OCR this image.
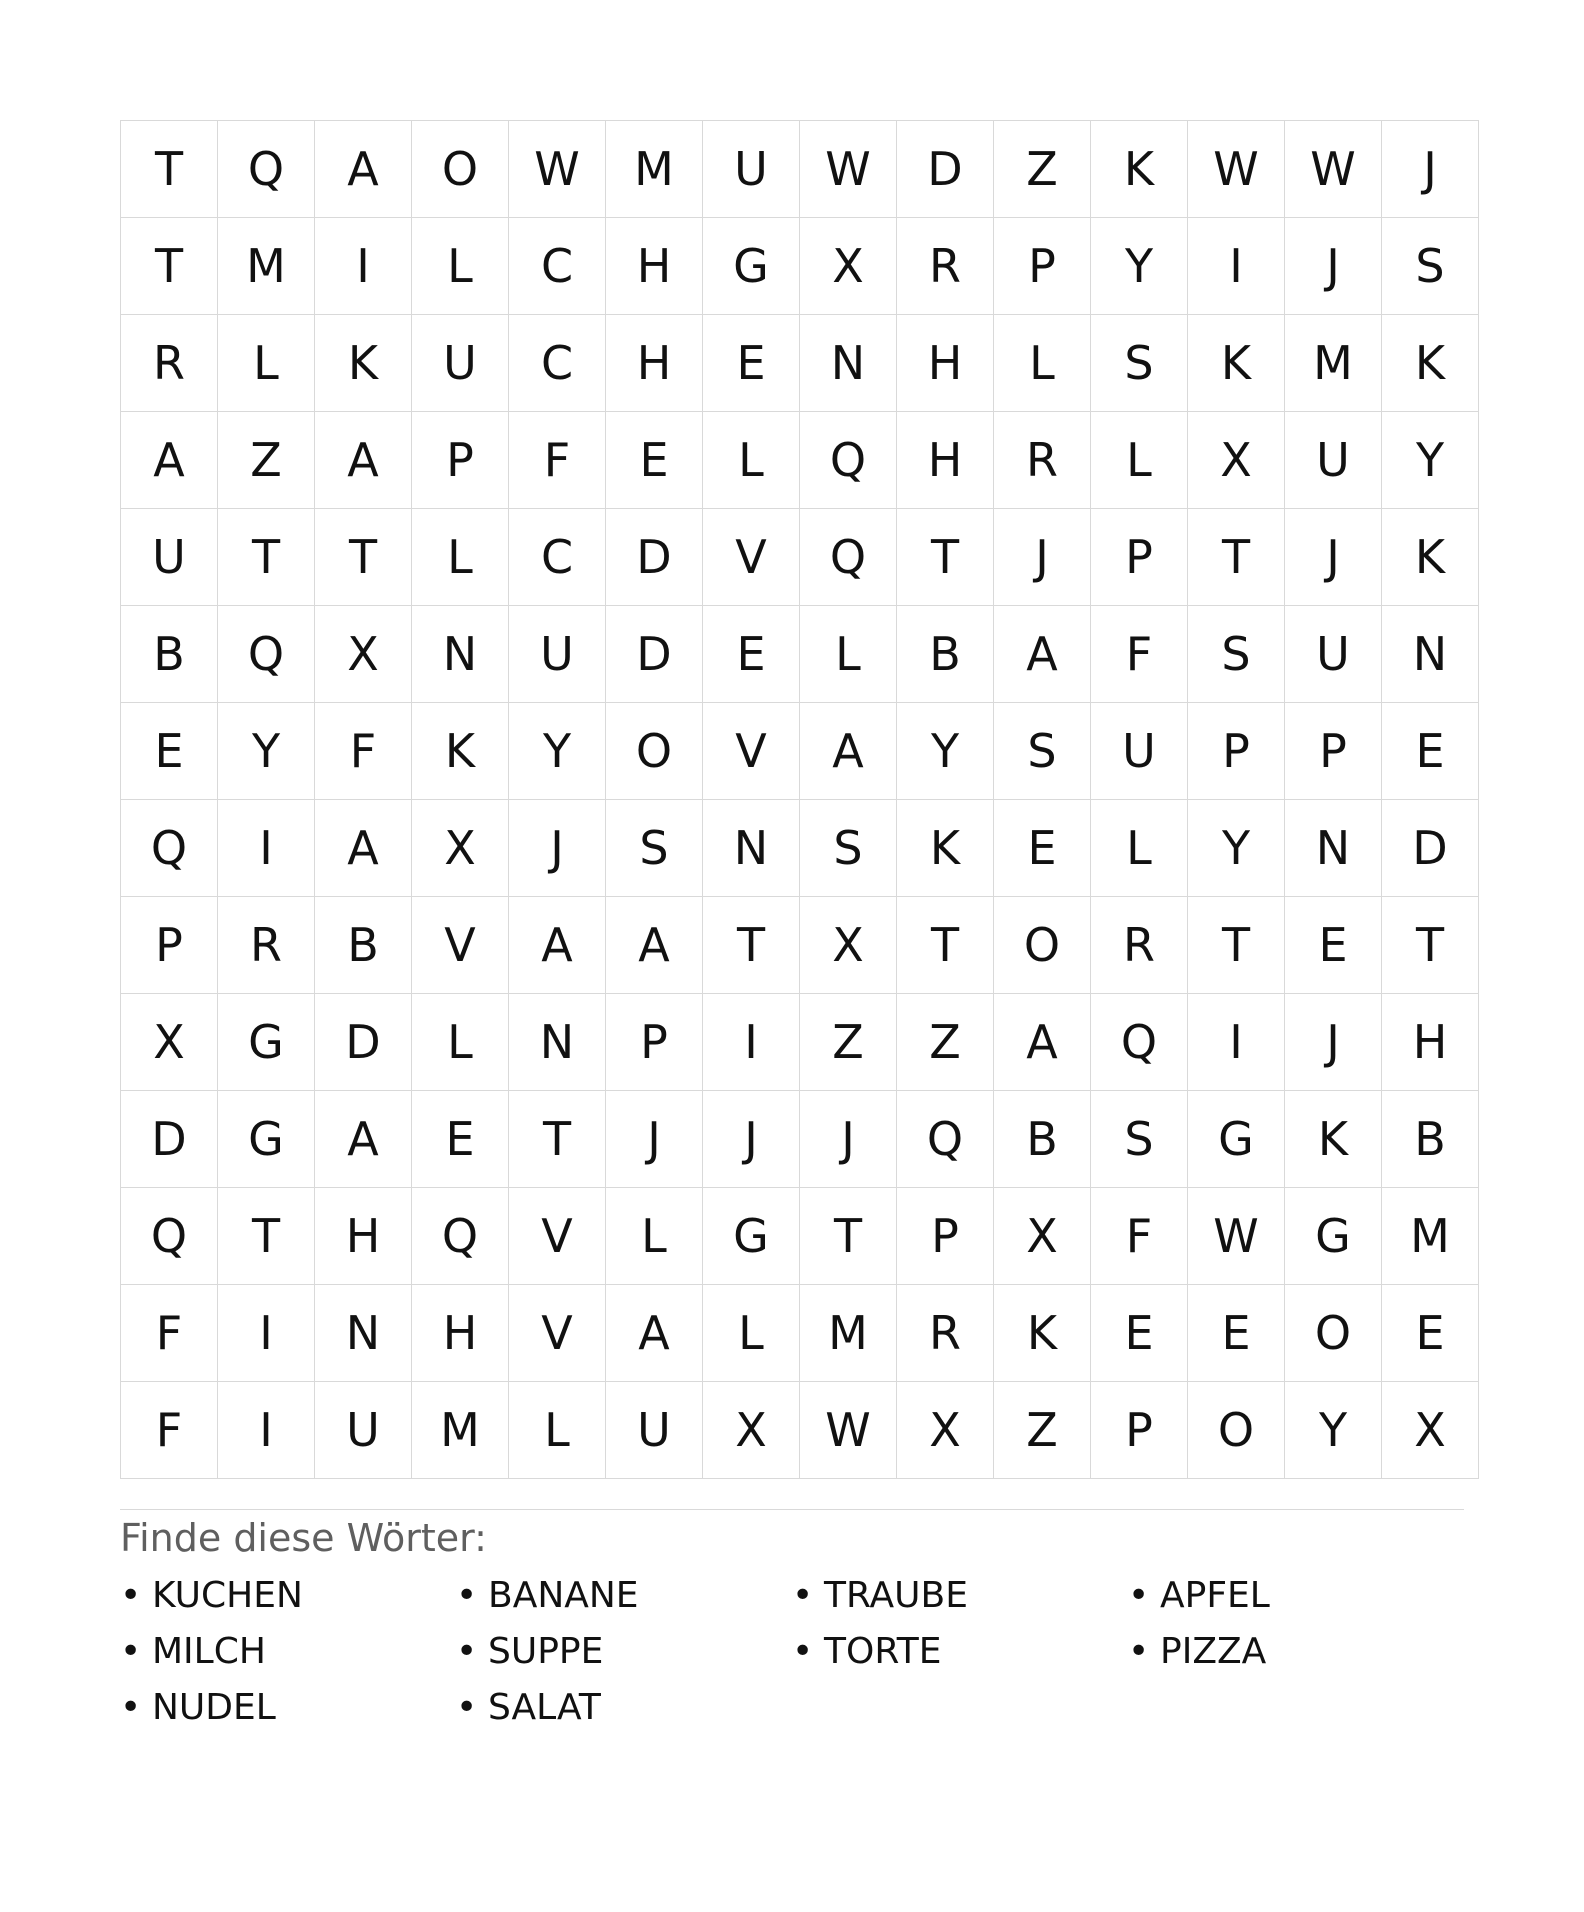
T	Q	A	O	W	M	U	W	D	Z	K	W	W	J
T	M	I	L	C	H	G	X	R	P	Y	I	J	S
R	L	K	U	C	H	E	N	H	L	S	K	M	K
A	Z	A	P	F	E	L	Q	H	R	L	X	U	Y
U	T	T	L	C	D	V	Q	T	J	P	T	J	K
B	Q	X	N	U	D	E	L	B	A	F	S	U	N
E	Y	F	K	Y	O	V	A	Y	S	U	P	P	E
Q	I	A	X	J	S	N	S	K	E	L	Y	N	D
P	R	B	V	A	A	T	X	T	O	R	T	E	T
X	G	D	L	N	P	I	Z	Z	A	Q	I	J	H
D	G	A	E	T	J	J	J	Q	B	S	G	K	B
Q	T	H	Q	V	L	G	T	P	X	F	W	G	M
F	I	N	H	V	A	L	M	R	K	E	E	O	E
F	I	U	M	L	U	X	W	X	Z	P	O	Y	X
Finde diese Wörter:
• KUCHEN	• BANANE	• TRAUBE	• APFEL
• MILCH	• SUPPE	• TORTE	• PIZZA
• NUDEL	• SALAT
